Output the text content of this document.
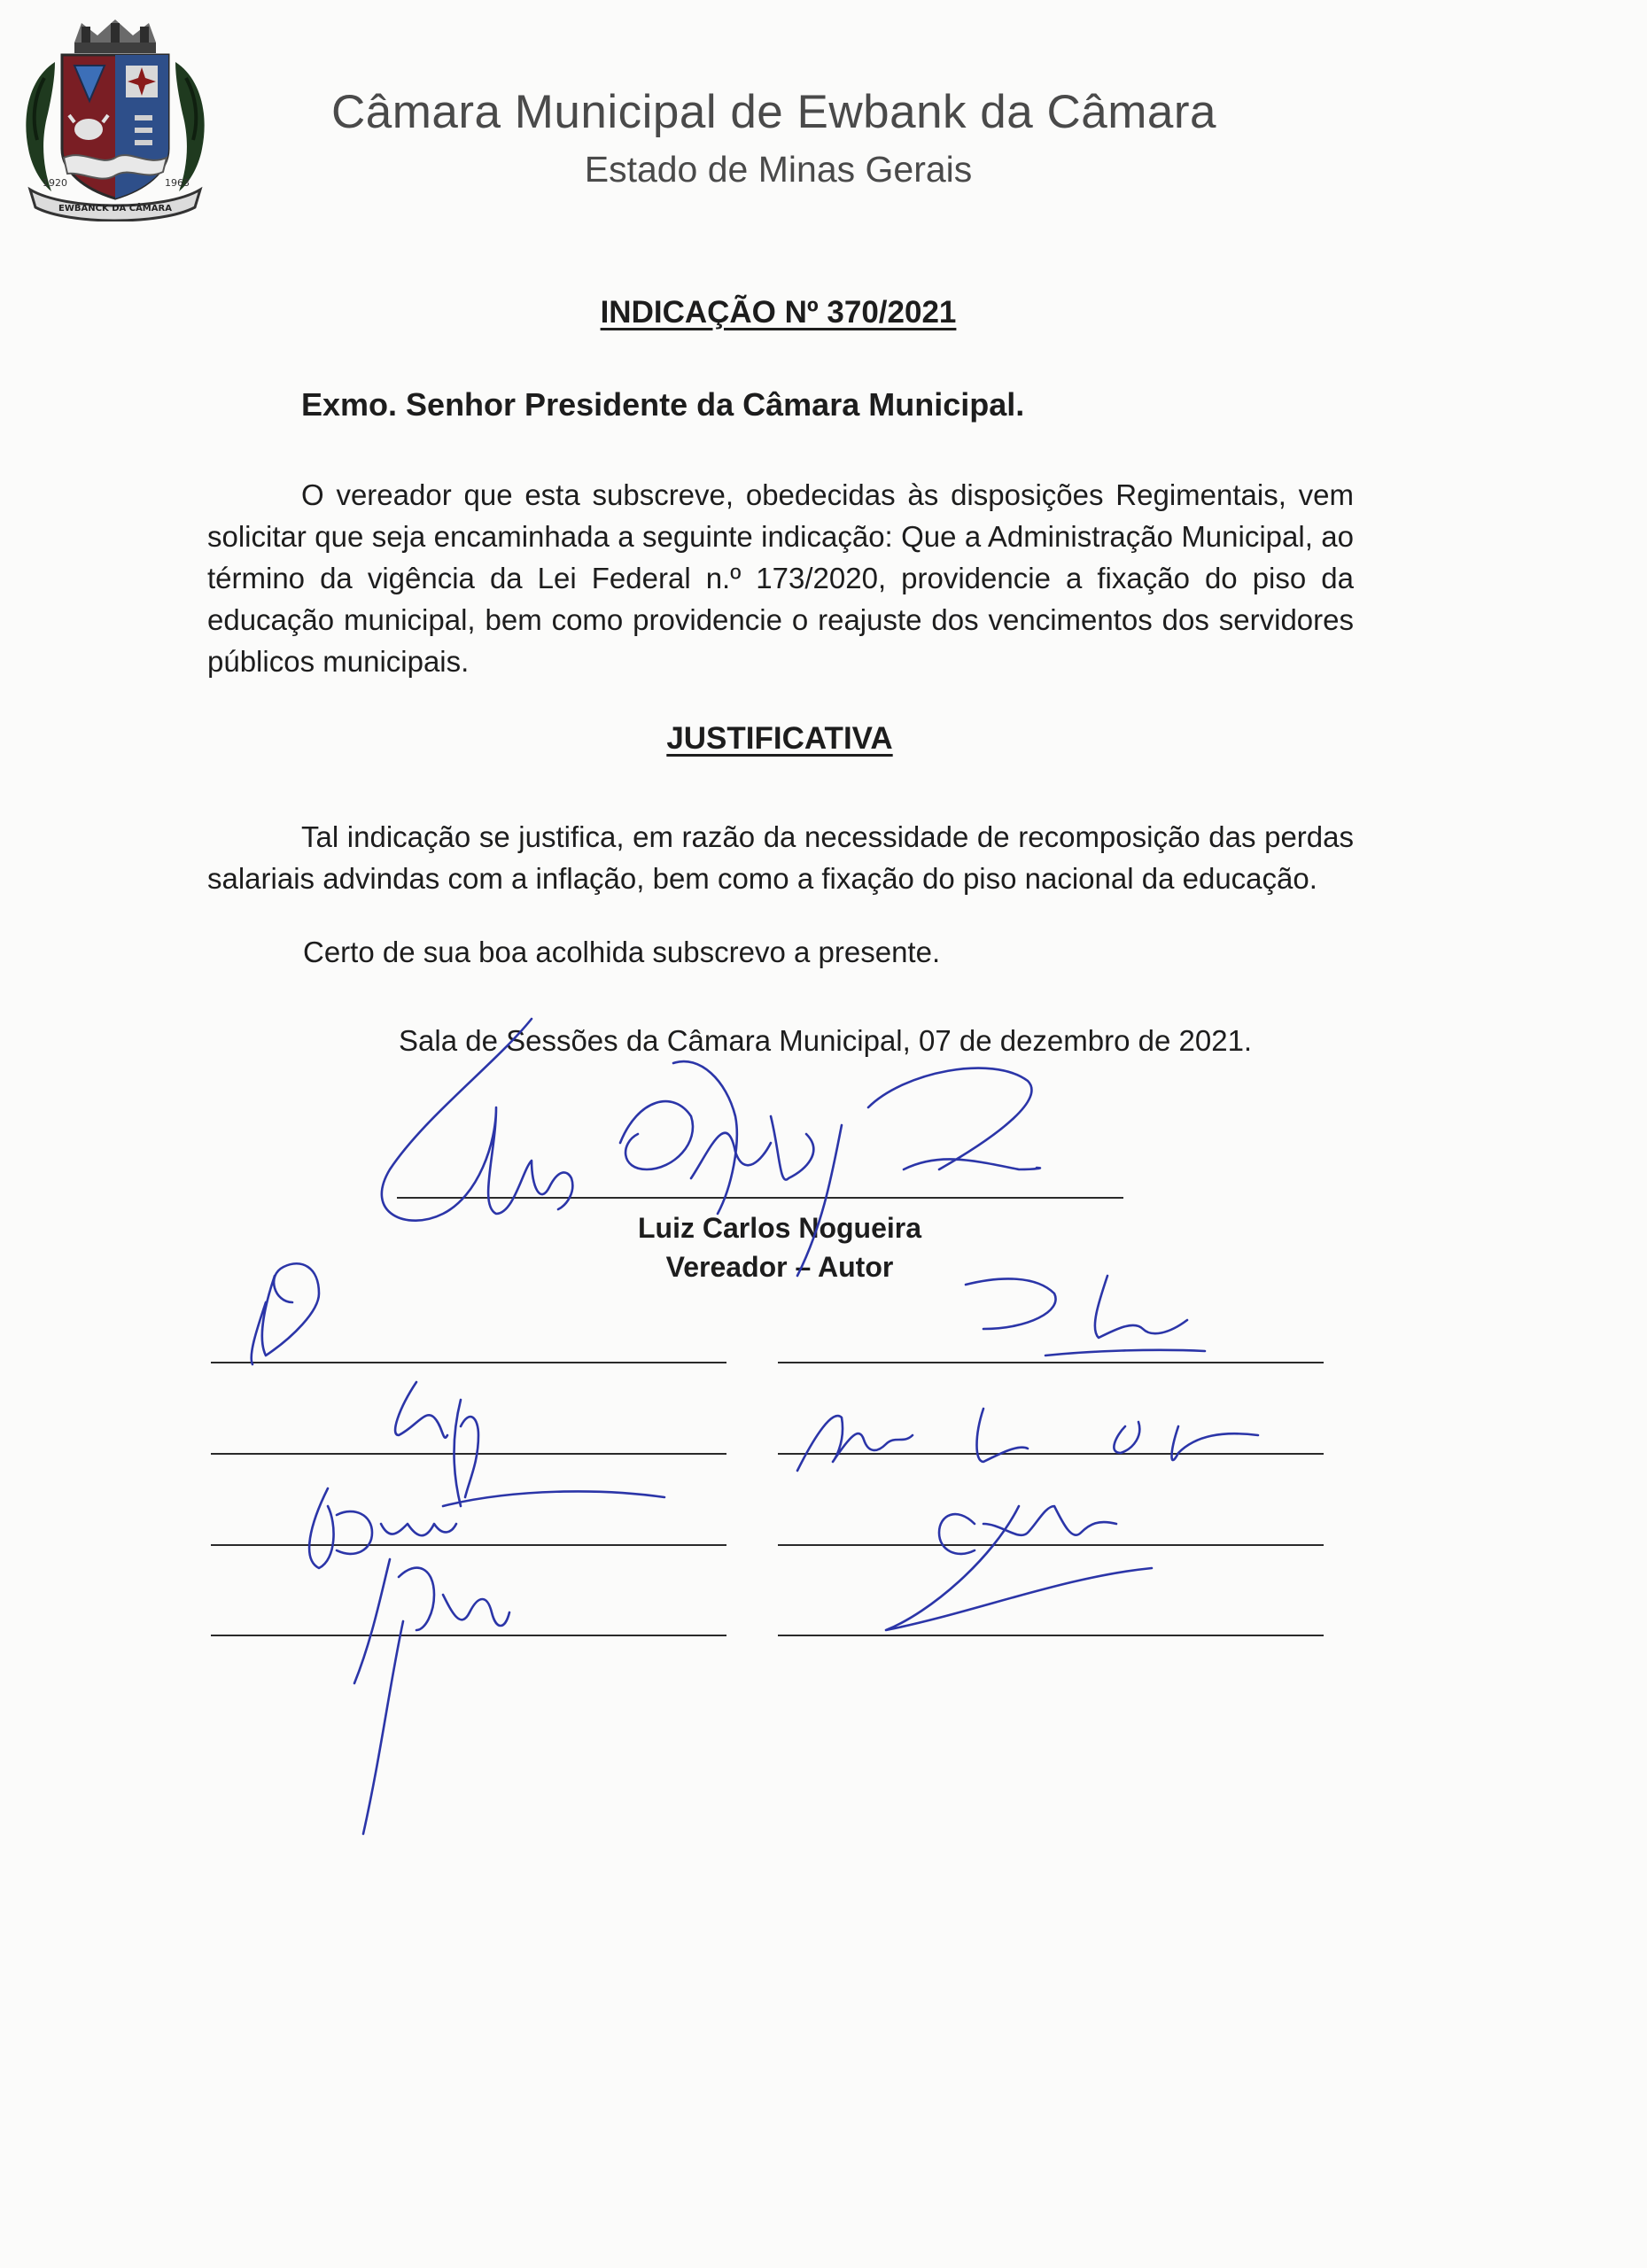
1920	1963
EWBANCK DA CÂMARA
Câmara Municipal de Ewbank da Câmara
Estado de Minas Gerais
INDICAÇÃO Nº 370/2021
Exmo. Senhor Presidente da Câmara Municipal.
O vereador que esta subscreve, obedecidas às disposições Regimentais, vem solicitar que seja encaminhada a seguinte indicação: Que a Administração Municipal, ao término da vigência da Lei Federal n.º 173/2020, providencie a fixação do piso da educação municipal, bem como providencie o reajuste dos vencimentos dos servidores públicos municipais.
JUSTIFICATIVA
Tal indicação se justifica, em razão da necessidade de recomposição das perdas salariais advindas com a inflação, bem como a fixação do piso nacional da educação.
Certo de sua boa acolhida subscrevo a presente.
Sala de Sessões da Câmara Municipal, 07 de dezembro de 2021.
Luiz Carlos Nogueira
Vereador – Autor
